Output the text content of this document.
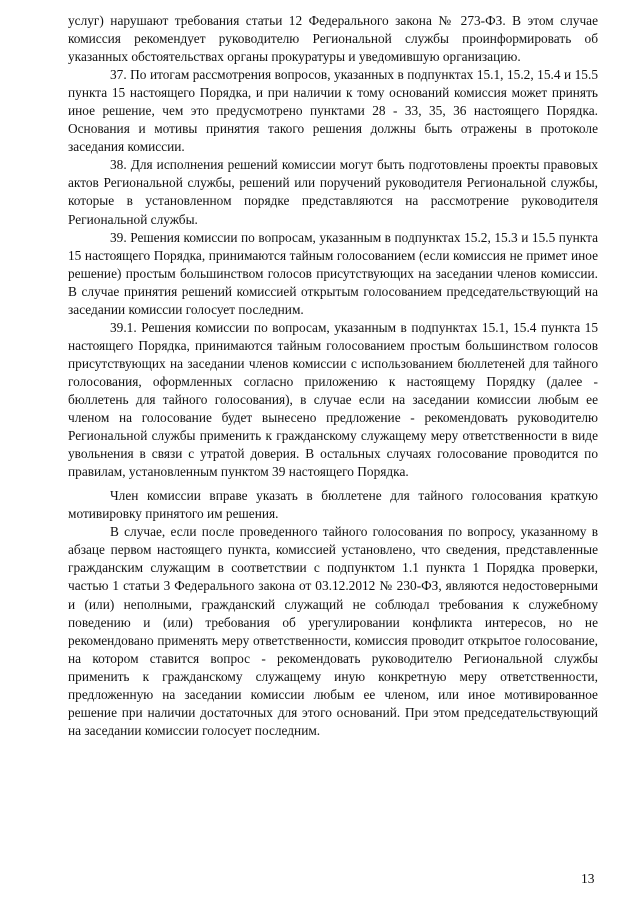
услуг) нарушают требования статьи 12 Федерального закона № 273-ФЗ. В этом случае комиссия рекомендует руководителю Региональной службы проинформировать об указанных обстоятельствах органы прокуратуры и уведомившую организацию.

37. По итогам рассмотрения вопросов, указанных в подпунктах 15.1, 15.2, 15.4 и 15.5 пункта 15 настоящего Порядка, и при наличии к тому оснований комиссия может принять иное решение, чем это предусмотрено пунктами 28 - 33, 35, 36 настоящего Порядка. Основания и мотивы принятия такого решения должны быть отражены в протоколе заседания комиссии.

38. Для исполнения решений комиссии могут быть подготовлены проекты правовых актов Региональной службы, решений или поручений руководителя Региональной службы, которые в установленном порядке представляются на рассмотрение руководителя Региональной службы.

39. Решения комиссии по вопросам, указанным в подпунктах 15.2, 15.3 и 15.5 пункта 15 настоящего Порядка, принимаются тайным голосованием (если комиссия не примет иное решение) простым большинством голосов присутствующих на заседании членов комиссии. В случае принятия решений комиссией открытым голосованием председательствующий на заседании комиссии голосует последним.

39.1. Решения комиссии по вопросам, указанным в подпунктах 15.1, 15.4 пункта 15 настоящего Порядка, принимаются тайным голосованием простым большинством голосов присутствующих на заседании членов комиссии с использованием бюллетеней для тайного голосования, оформленных согласно приложению к настоящему Порядку (далее - бюллетень для тайного голосования), в случае если на заседании комиссии любым ее членом на голосование будет вынесено предложение - рекомендовать руководителю Региональной службы применить к гражданскому служащему меру ответственности в виде увольнения в связи с утратой доверия. В остальных случаях голосование проводится по правилам, установленным пунктом 39 настоящего Порядка.

Член комиссии вправе указать в бюллетене для тайного голосования краткую мотивировку принятого им решения.

В случае, если после проведенного тайного голосования по вопросу, указанному в абзаце первом настоящего пункта, комиссией установлено, что сведения, представленные гражданским служащим в соответствии с подпунктом 1.1 пункта 1 Порядка проверки, частью 1 статьи 3 Федерального закона от 03.12.2012 № 230-ФЗ, являются недостоверными и (или) неполными, гражданский служащий не соблюдал требования к служебному поведению и (или) требования об урегулировании конфликта интересов, но не рекомендовано применять меру ответственности, комиссия проводит открытое голосование, на котором ставится вопрос - рекомендовать руководителю Региональной службы применить к гражданскому служащему иную конкретную меру ответственности, предложенную на заседании комиссии любым ее членом, или иное мотивированное решение при наличии достаточных для этого оснований. При этом председательствующий на заседании комиссии голосует последним.

13
